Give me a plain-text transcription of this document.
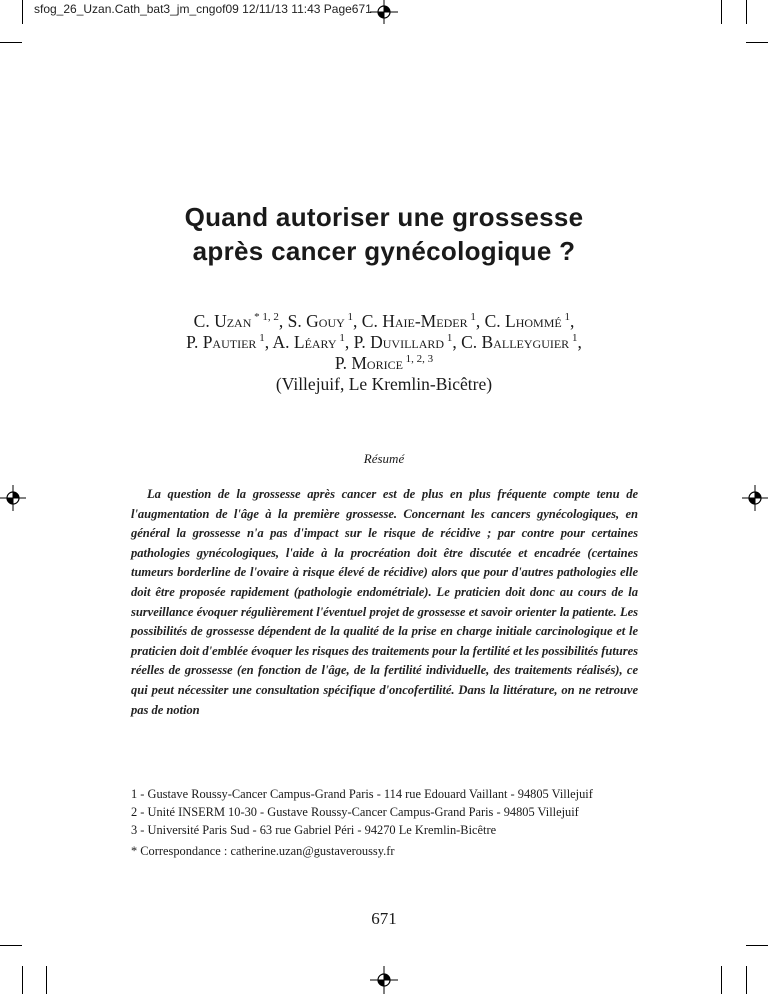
sfog_26_Uzan.Cath_bat3_jm_cngof09 12/11/13 11:43 Page671
Quand autoriser une grossesse
après cancer gynécologique ?
C. Uzan $^{* 1, 2}$, S. Gouy $^1$, C. Haie-Meder $^1$, C. Lhommé $^1$,
P. Pautier $^1$, A. Léary $^1$, P. Duvillard $^1$, C. Balleyguier $^1$,
P. Morice $^{1, 2, 3}$
(Villejuif, Le Kremlin-Bicêtre)
Résumé

La question de la grossesse après cancer est de plus en plus fréquente compte tenu de l'augmentation de l'âge à la première grossesse. Concernant les cancers gynécologiques, en général la grossesse n'a pas d'impact sur le risque de récidive ; par contre pour certaines pathologies gynécologiques, l'aide à la procréation doit être discutée et encadrée (certaines tumeurs borderline de l'ovaire à risque élevé de récidive) alors que pour d'autres pathologies elle doit être proposée rapidement (pathologie endométriale). Le praticien doit donc au cours de la surveillance évoquer régulièrement l'éventuel projet de grossesse et savoir orienter la patiente. Les possibilités de grossesse dépendent de la qualité de la prise en charge initiale carcinologique et le praticien doit d'emblée évoquer les risques des traitements pour la fertilité et les possibilités futures réelles de grossesse (en fonction de l'âge, de la fertilité individuelle, des traitements réalisés), ce qui peut nécessiter une consultation spécifique d'oncofertilité. Dans la littérature, on ne retrouve pas de notion

1 - Gustave Roussy-Cancer Campus-Grand Paris - 114 rue Edouard Vaillant - 94805 Villejuif
2 - Unité INSERM 10-30 - Gustave Roussy-Cancer Campus-Grand Paris - 94805 Villejuif
3 - Université Paris Sud - 63 rue Gabriel Péri - 94270 Le Kremlin-Bicêtre
* Correspondance : catherine.uzan@gustaveroussy.fr
671
